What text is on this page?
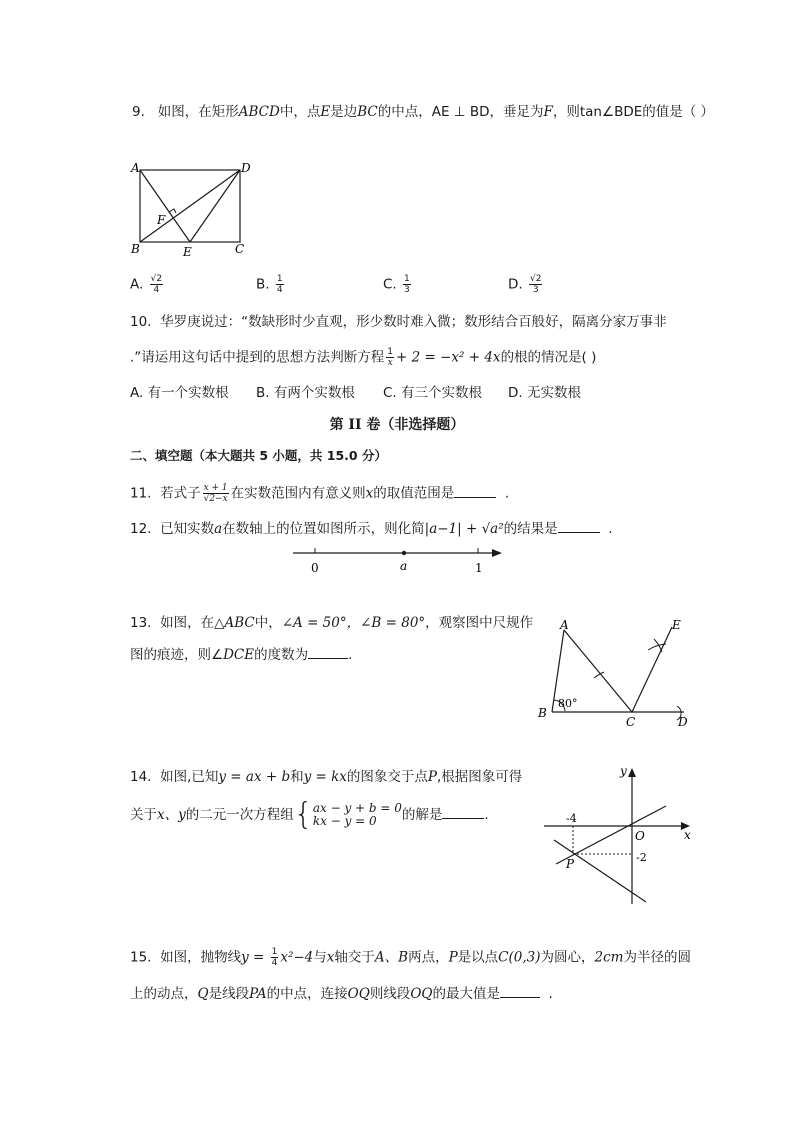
9. 如图，在矩形ABCD中，点E是边BC的中点，AE ⊥ BD，垂足为F，则tan∠BDE的值是（ ）
A	D
B	C
E
F
A. $\frac{√2}{4}$	B. $\frac{1}{4}$	C. $\frac{1}{3}$	D. $\frac{√2}{3}$
10. 华罗庚说过：“数缺形时少直观，形少数时难入微；数形结合百般好，隔离分家万事非
.”请运用这句话中提到的思想方法判断方程 $\frac{1}{x} + 2 = -x^2 + 4x$的根的情况是( )
A. 有一个实数根 B. 有两个实数根 C. 有三个实数根 D. 无实数根
第 II 卷（非选择题）
二、填空题（本大题共 5 小题，共 15.0 分）
11. 若式子 $\frac{x + 1}{√2-x}$ 在实数范围内有意义则x的取值范围是	.
12. 已知实数a在数轴上的位置如图所示，则化简|a−1| + √a²的结果是	.
0	a	1
13. 如图，在△ABC中，∠A = 50°，∠B = 80°，观察图中尺规作
图的痕迹，则∠DCE的度数为	.
A
B
C	D
E
80°
14. 如图,已知y = ax + b和y = kx的图象交于点P,根据图象可得
关于x、y的二元一次方程组{ ax − y + b = 0
kx − y = 0	的解是	.
y
x
O
P
-4
-2
15. 如图，抛物线$y = \frac{1}{4} x^2-4$与x轴交于A、B两点，P是以点C(0,3)为圆心，2cm为半径的圆
上的动点，Q是线段PA的中点，连接OQ则线段OQ的最大值是	.
